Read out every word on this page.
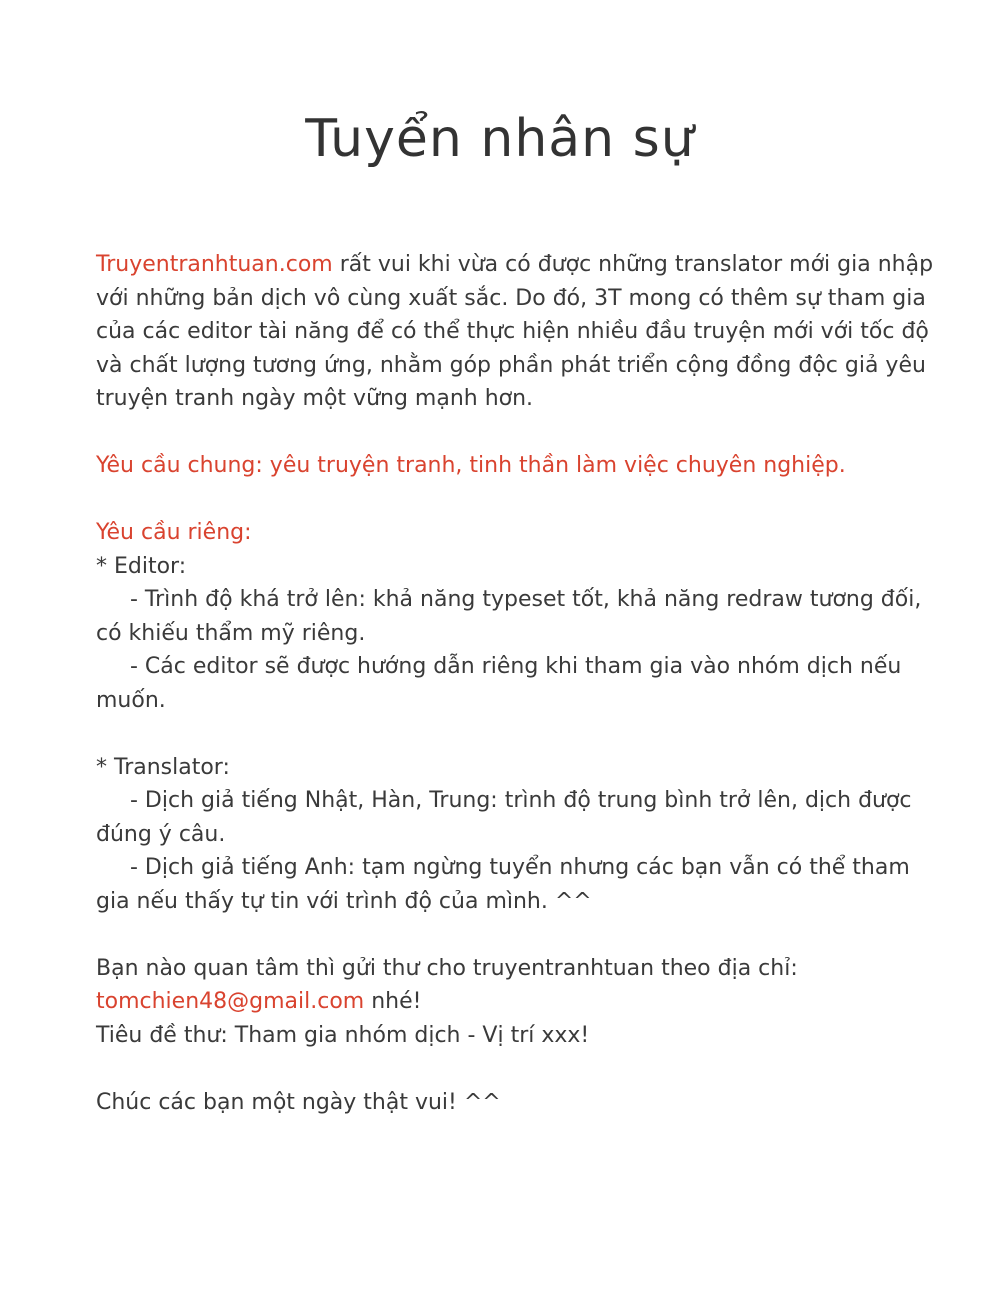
Tuyển nhân sự
Truyentranhtuan.com rất vui khi vừa có được những translator mới gia nhập
với những bản dịch vô cùng xuất sắc. Do đó, 3T mong có thêm sự tham gia
của các editor tài năng để có thể thực hiện nhiều đầu truyện mới với tốc độ
và chất lượng tương ứng, nhằm góp phần phát triển cộng đồng độc giả yêu
truyện tranh ngày một vững mạnh hơn.
Yêu cầu chung: yêu truyện tranh, tinh thần làm việc chuyên nghiệp.
Yêu cầu riêng:
* Editor:
- Trình độ khá trở lên: khả năng typeset tốt, khả năng redraw tương đối,
có khiếu thẩm mỹ riêng.
- Các editor sẽ được hướng dẫn riêng khi tham gia vào nhóm dịch nếu
muốn.
* Translator:
- Dịch giả tiếng Nhật, Hàn, Trung: trình độ trung bình trở lên, dịch được
đúng ý câu.
- Dịch giả tiếng Anh: tạm ngừng tuyển nhưng các bạn vẫn có thể tham
gia nếu thấy tự tin với trình độ của mình. ^^
Bạn nào quan tâm thì gửi thư cho truyentranhtuan theo địa chỉ:
tomchien48@gmail.com nhé!
Tiêu đề thư: Tham gia nhóm dịch - Vị trí xxx!
Chúc các bạn một ngày thật vui! ^^
